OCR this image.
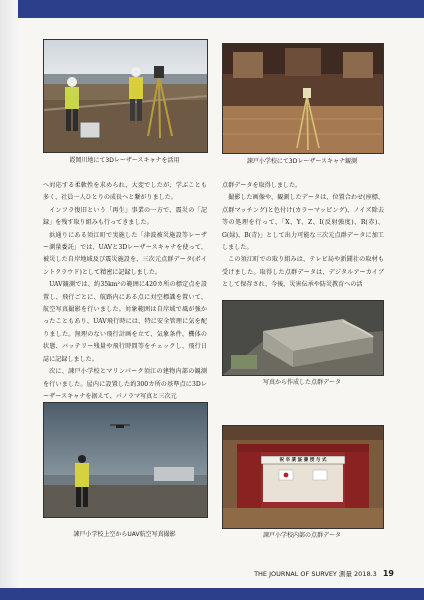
霞岡川地にて3Dレーザースキャナを活用	諫戸小学校にて3Dレーザースキャナ観測

へ対応する柔軟性を求められ、大変でしたが、学ぶことも多く、社員一人ひとりの成長へと繋がりました。

インフラ復旧という「再生」事業の一方で、震災の「記録」を残す取り組みも行ってきました。

浜通りにある須江町で実施した「津波被災施設等レーザー測量委託」では、UAVと3Dレーザースキャナを使って、被災した自岸地域及び震災施設を、三次元点群データ(ポイントクラウド)として精密に記録しました。

UAV観測では、約35km²の範囲に420カ所の標定点を設置し、飛行ごとに、航路内にある点に対空標識を置いて、航空写真撮影を行いました。対象範囲は自岸域で風が強かったこともあり、UAV飛行時には、特に安全管理に気を配りました。無理のない飛行計画を立て、気象条件、機体の状態、バッテリー残量や飛行時間等をチェックし、飛行日誌に記録しました。

次に、諫戸小学校とマリンパーク須江の建物内部の観測を行いました。屋内に設置した約300カ所の基準点に3Dレーザースキャナを据えて、パノラマ写真と三次元

点群データを取得しました。

撮影した画像や、観測したデータは、位置合わせ(座標、点群マッチング)と色付け(カラーマッピング)、ノイズ除去等の処理を行って、「X、Y、Z、I(反射強度)、R(赤)、G(緑)、B(青)」として出力可能な三次元点群データに加工しました。

この須江町での取り組みは、テレビ局や新聞社の取材も受けました。取得した点群データは、デジタルアーカイブとして保存され、今後、災害伝承や防災教育への活

写真から作成した点群データ
諫戸小学校上空からUAV航空写真撮影
祝 卒 業 証 書 授 与 式
諫戸小学校内部の点群データ
THE JOURNAL OF SURVEY 測量 2018.3 19
